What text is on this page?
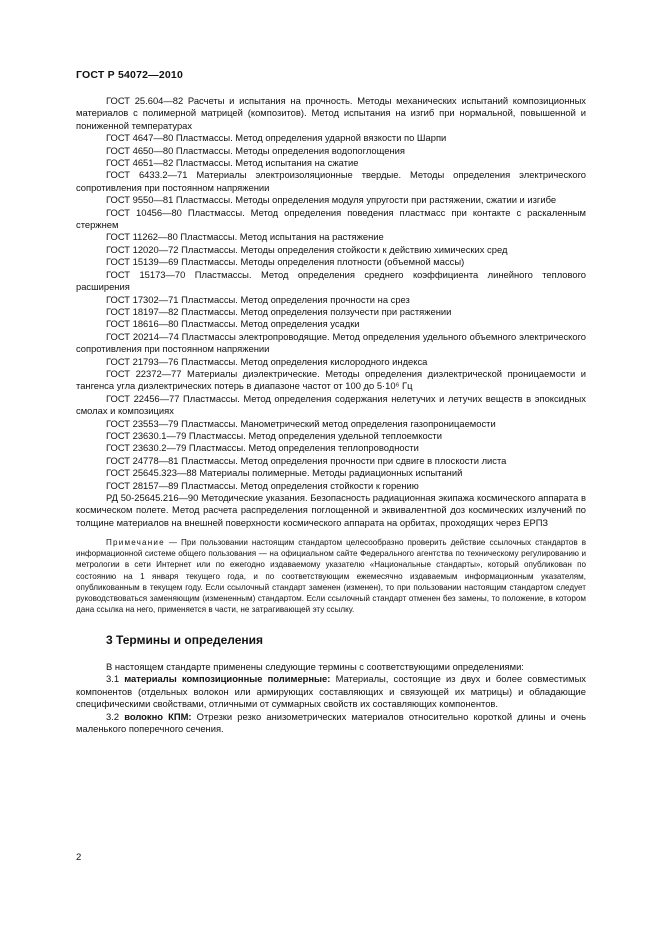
ГОСТ Р 54072—2010

ГОСТ 25.604—82 Расчеты и испытания на прочность. Методы механических испытаний композиционных материалов с полимерной матрицей (композитов). Метод испытания на изгиб при нормальной, повышенной и пониженной температурах

ГОСТ 4647—80 Пластмассы. Метод определения ударной вязкости по Шарпи

ГОСТ 4650—80 Пластмассы. Методы определения водопоглощения

ГОСТ 4651—82 Пластмассы. Метод испытания на сжатие

ГОСТ 6433.2—71 Материалы электроизоляционные твердые. Методы определения электрического сопротивления при постоянном напряжении

ГОСТ 9550—81 Пластмассы. Методы определения модуля упругости при растяжении, сжатии и изгибе

ГОСТ 10456—80 Пластмассы. Метод определения поведения пластмасс при контакте с раскаленным стержнем

ГОСТ 11262—80 Пластмассы. Метод испытания на растяжение

ГОСТ 12020—72 Пластмассы. Методы определения стойкости к действию химических сред

ГОСТ 15139—69 Пластмассы. Методы определения плотности (объемной массы)

ГОСТ 15173—70 Пластмассы. Метод определения среднего коэффициента линейного теплового расширения

ГОСТ 17302—71 Пластмассы. Метод определения прочности на срез

ГОСТ 18197—82 Пластмассы. Метод определения ползучести при растяжении

ГОСТ 18616—80 Пластмассы. Метод определения усадки

ГОСТ 20214—74 Пластмассы электропроводящие. Метод определения удельного объемного электрического сопротивления при постоянном напряжении

ГОСТ 21793—76 Пластмассы. Метод определения кислородного индекса

ГОСТ 22372—77 Материалы диэлектрические. Методы определения диэлектрической проницаемости и тангенса угла диэлектрических потерь в диапазоне частот от 100 до 5·10⁶ Гц

ГОСТ 22456—77 Пластмассы. Метод определения содержания нелетучих и летучих веществ в эпоксидных смолах и композициях

ГОСТ 23553—79 Пластмассы. Манометрический метод определения газопроницаемости

ГОСТ 23630.1—79 Пластмассы. Метод определения удельной теплоемкости

ГОСТ 23630.2—79 Пластмассы. Метод определения теплопроводности

ГОСТ 24778—81 Пластмассы. Метод определения прочности при сдвиге в плоскости листа

ГОСТ 25645.323—88 Материалы полимерные. Методы радиационных испытаний

ГОСТ 28157—89 Пластмассы. Метод определения стойкости к горению

РД 50-25645.216—90 Методические указания. Безопасность радиационная экипажа космического аппарата в космическом полете. Метод расчета распределения поглощенной и эквивалентной доз космических излучений по толщине материалов на внешней поверхности космического аппарата на орбитах, проходящих через ЕРПЗ

Примечание — При пользовании настоящим стандартом целесообразно проверить действие ссылочных стандартов в информационной системе общего пользования — на официальном сайте Федерального агентства по техническому регулированию и метрологии в сети Интернет или по ежегодно издаваемому указателю «Национальные стандарты», который опубликован по состоянию на 1 января текущего года, и по соответствующим ежемесячно издаваемым информационным указателям, опубликованным в текущем году. Если ссылочный стандарт заменен (изменен), то при пользовании настоящим стандартом следует руководствоваться заменяющим (измененным) стандартом. Если ссылочный стандарт отменен без замены, то положение, в котором дана ссылка на него, применяется в части, не затрагивающей эту ссылку.

3 Термины и определения

В настоящем стандарте применены следующие термины с соответствующими определениями:

3.1 материалы композиционные полимерные: Материалы, состоящие из двух и более совместимых компонентов (отдельных волокон или армирующих составляющих и связующей их матрицы) и обладающие специфическими свойствами, отличными от суммарных свойств их составляющих компонентов.

3.2 волокно КПМ: Отрезки резко анизометрических материалов относительно короткой длины и очень маленького поперечного сечения.

2
